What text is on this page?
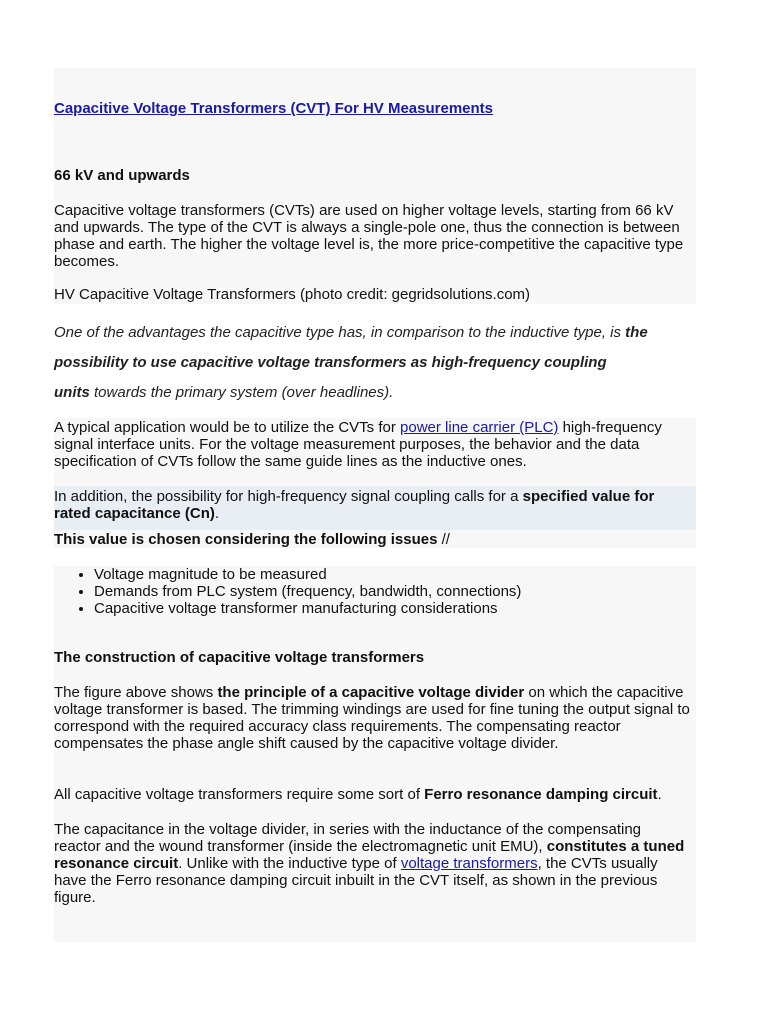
Capacitive Voltage Transformers (CVT) For HV Measurements
66 kV and upwards
Capacitive voltage transformers (CVTs) are used on higher voltage levels, starting from 66 kV and upwards. The type of the CVT is always a single-pole one, thus the connection is between phase and earth. The higher the voltage level is, the more price-competitive the capacitive type becomes.
HV Capacitive Voltage Transformers (photo credit: gegridsolutions.com)
One of the advantages the capacitive type has, in comparison to the inductive type, is the
possibility to use capacitive voltage transformers as high-frequency coupling
units towards the primary system (over headlines).
A typical application would be to utilize the CVTs for power line carrier (PLC) high-frequency signal interface units. For the voltage measurement purposes, the behavior and the data specification of CVTs follow the same guide lines as the inductive ones.
In addition, the possibility for high-frequency signal coupling calls for a specified value for rated capacitance (Cn).
This value is chosen considering the following issues //
• Voltage magnitude to be measured
• Demands from PLC system (frequency, bandwidth, connections)
• Capacitive voltage transformer manufacturing considerations
The construction of capacitive voltage transformers
The figure above shows the principle of a capacitive voltage divider on which the capacitive voltage transformer is based. The trimming windings are used for fine tuning the output signal to correspond with the required accuracy class requirements. The compensating reactor compensates the phase angle shift caused by the capacitive voltage divider.
All capacitive voltage transformers require some sort of Ferro resonance damping circuit.
The capacitance in the voltage divider, in series with the inductance of the compensating reactor and the wound transformer (inside the electromagnetic unit EMU), constitutes a tuned resonance circuit. Unlike with the inductive type of voltage transformers, the CVTs usually have the Ferro resonance damping circuit inbuilt in the CVT itself, as shown in the previous figure.
